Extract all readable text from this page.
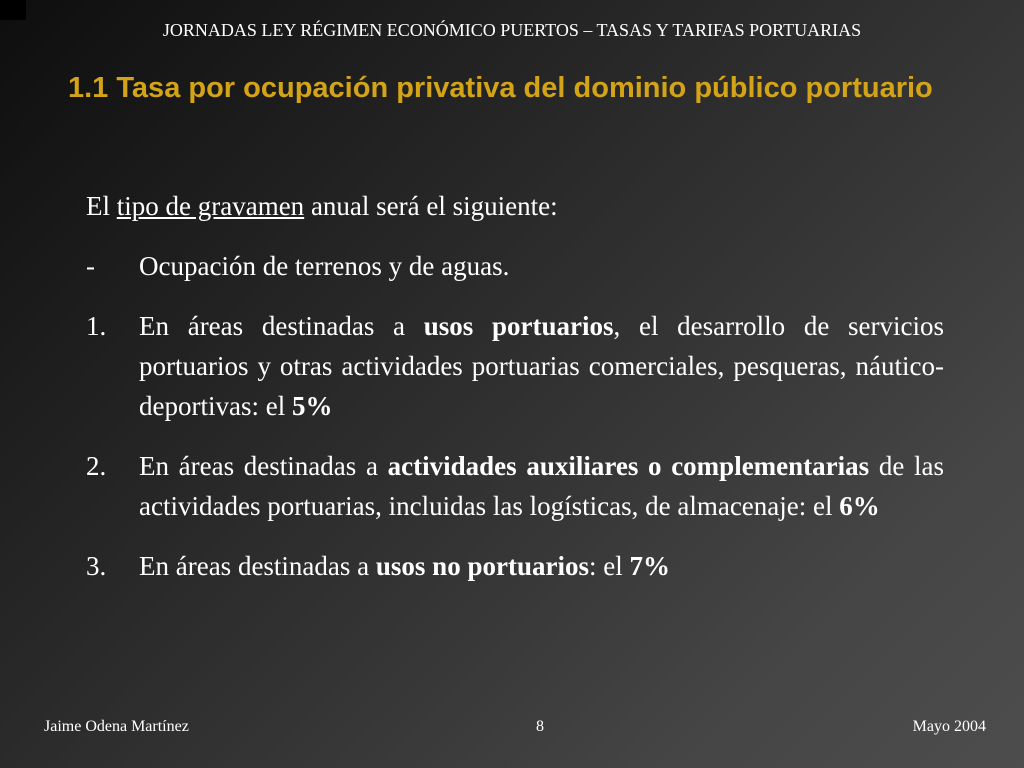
JORNADAS LEY RÉGIMEN ECONÓMICO PUERTOS – TASAS Y TARIFAS PORTUARIAS
1.1 Tasa por ocupación privativa del dominio público portuario

El tipo de gravamen anual será el siguiente:

-	Ocupación de terrenos y de aguas.
1.	En áreas destinadas a usos portuarios, el desarrollo de servicios portuarios y otras actividades portuarias comerciales, pesqueras, náutico-deportivas: el 5%
2.	En áreas destinadas a actividades auxiliares o complementarias de las actividades portuarias, incluidas las logísticas, de almacenaje: el 6%
3.	En áreas destinadas a usos no portuarios: el 7%
Jaime Odena Martínez	8	Mayo 2004
